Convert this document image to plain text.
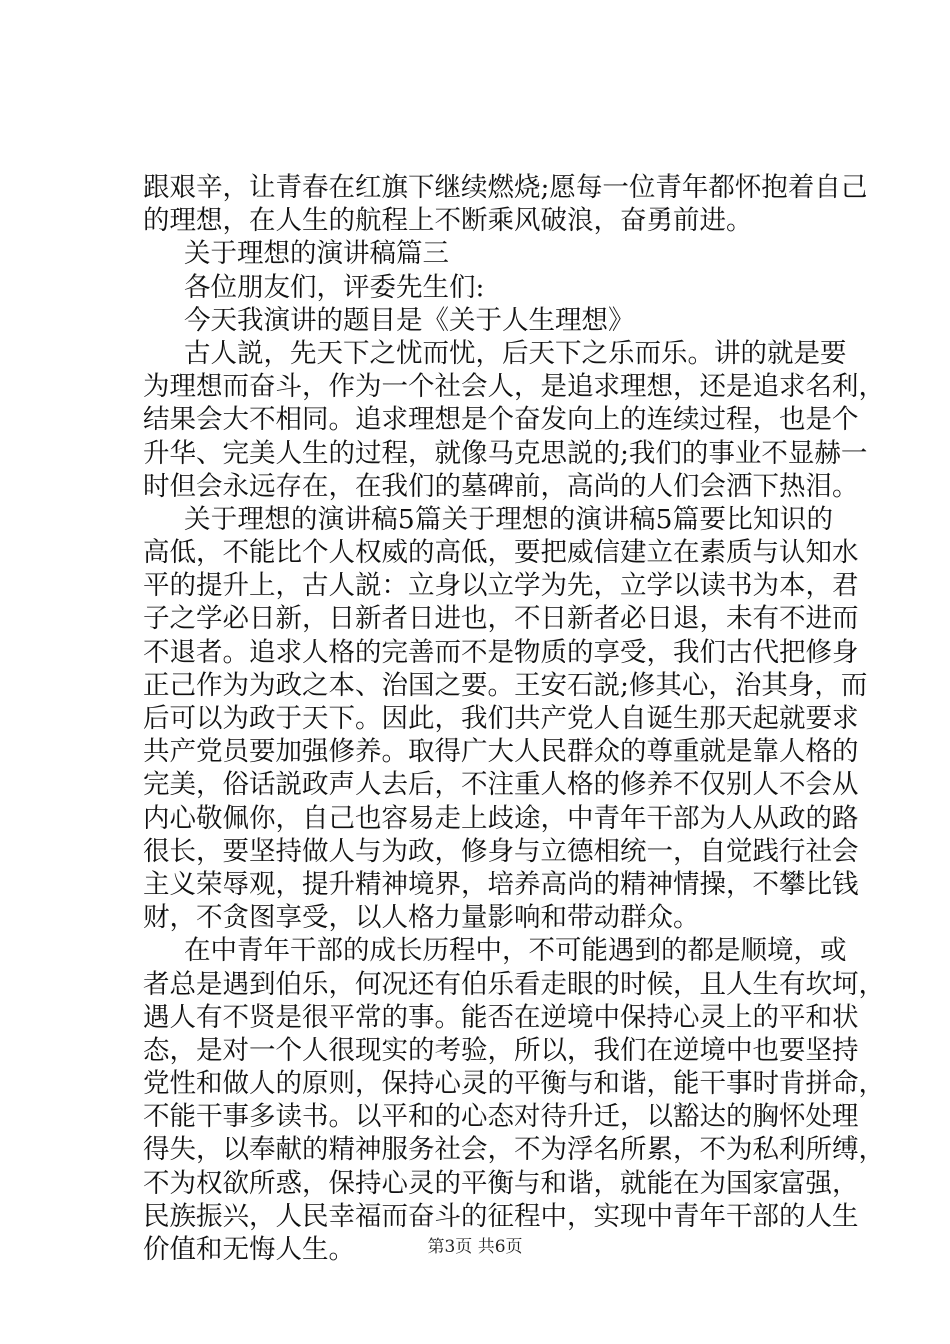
跟艰辛，让青春在红旗下继续燃烧;愿每一位青年都怀抱着自己
的理想，在人生的航程上不断乘风破浪，奋勇前进。
关于理想的演讲稿篇三
各位朋友们，评委先生们:
今天我演讲的题目是《关于人生理想》
古人説，先天下之忧而忧，后天下之乐而乐。讲的就是要
为理想而奋斗，作为一个社会人，是追求理想，还是追求名利，
结果会大不相同。追求理想是个奋发向上的连续过程，也是个
升华、完美人生的过程，就像马克思説的;我们的事业不显赫一
时但会永远存在，在我们的墓碑前，高尚的人们会洒下热泪。
关于理想的演讲稿5篇关于理想的演讲稿5篇要比知识的
高低，不能比个人权威的高低，要把威信建立在素质与认知水
平的提升上，古人説：立身以立学为先，立学以读书为本，君
子之学必日新，日新者日进也，不日新者必日退，未有不进而
不退者。追求人格的完善而不是物质的享受，我们古代把修身
正己作为为政之本、治国之要。王安石説;修其心，治其身，而
后可以为政于天下。因此，我们共产党人自诞生那天起就要求
共产党员要加强修养。取得广大人民群众的尊重就是靠人格的
完美，俗话説政声人去后，不注重人格的修养不仅别人不会从
内心敬佩你，自己也容易走上歧途，中青年干部为人从政的路
很长，要坚持做人与为政，修身与立德相统一，自觉践行社会
主义荣辱观，提升精神境界，培养高尚的精神情操，不攀比钱
财，不贪图享受，以人格力量影响和带动群众。
在中青年干部的成长历程中，不可能遇到的都是顺境，或
者总是遇到伯乐，何况还有伯乐看走眼的时候，且人生有坎坷，
遇人有不贤是很平常的事。能否在逆境中保持心灵上的平和状
态，是对一个人很现实的考验，所以，我们在逆境中也要坚持
党性和做人的原则，保持心灵的平衡与和谐，能干事时肯拼命，
不能干事多读书。以平和的心态对待升迁，以豁达的胸怀处理
得失，以奉献的精神服务社会，不为浮名所累，不为私利所缚，
不为权欲所惑，保持心灵的平衡与和谐，就能在为国家富强，
民族振兴，人民幸福而奋斗的征程中，实现中青年干部的人生
价值和无悔人生。	第3页 共6页
